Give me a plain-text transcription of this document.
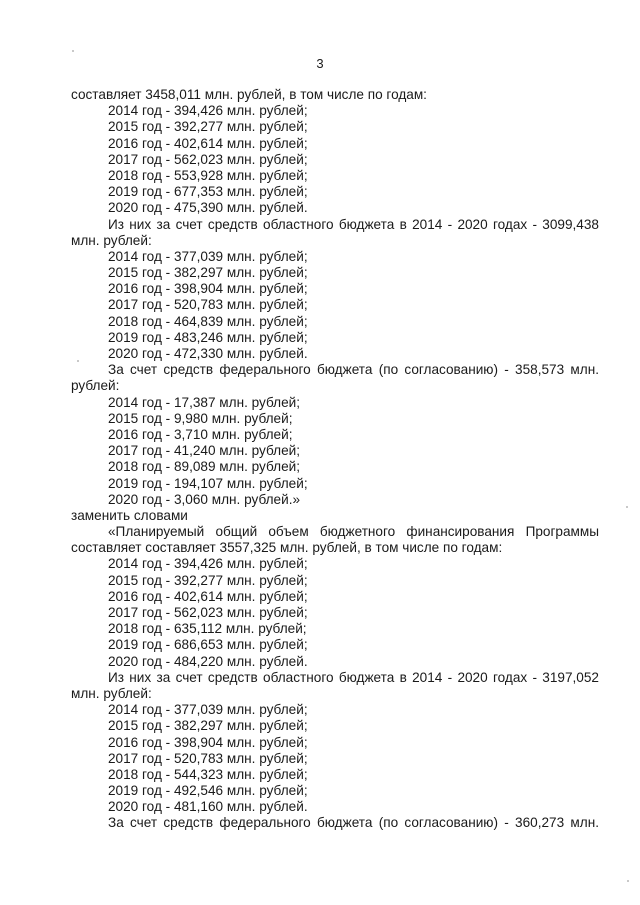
3
составляет 3458,011 млн. рублей, в том числе по годам:
2014 год - 394,426 млн. рублей;
2015 год - 392,277 млн. рублей;
2016 год - 402,614 млн. рублей;
2017 год - 562,023 млн. рублей;
2018 год - 553,928 млн. рублей;
2019 год - 677,353 млн. рублей;
2020 год - 475,390 млн. рублей.
Из них за счет средств областного бюджета в 2014 - 2020 годах - 3099,438
млн. рублей:
2014 год - 377,039 млн. рублей;
2015 год - 382,297 млн. рублей;
2016 год - 398,904 млн. рублей;
2017 год - 520,783 млн. рублей;
2018 год - 464,839 млн. рублей;
2019 год - 483,246 млн. рублей;
2020 год - 472,330 млн. рублей.
За счет средств федерального бюджета (по согласованию) - 358,573 млн.
рублей:
2014 год - 17,387 млн. рублей;
2015 год - 9,980 млн. рублей;
2016 год - 3,710 млн. рублей;
2017 год - 41,240 млн. рублей;
2018 год - 89,089 млн. рублей;
2019 год - 194,107 млн. рублей;
2020 год - 3,060 млн. рублей.»
заменить словами
«Планируемый общий объем бюджетного финансирования Программы
составляет составляет 3557,325 млн. рублей, в том числе по годам:
2014 год - 394,426 млн. рублей;
2015 год - 392,277 млн. рублей;
2016 год - 402,614 млн. рублей;
2017 год - 562,023 млн. рублей;
2018 год - 635,112 млн. рублей;
2019 год - 686,653 млн. рублей;
2020 год - 484,220 млн. рублей.
Из них за счет средств областного бюджета в 2014 - 2020 годах - 3197,052
млн. рублей:
2014 год - 377,039 млн. рублей;
2015 год - 382,297 млн. рублей;
2016 год - 398,904 млн. рублей;
2017 год - 520,783 млн. рублей;
2018 год - 544,323 млн. рублей;
2019 год - 492,546 млн. рублей;
2020 год - 481,160 млн. рублей.
За счет средств федерального бюджета (по согласованию) - 360,273 млн.
